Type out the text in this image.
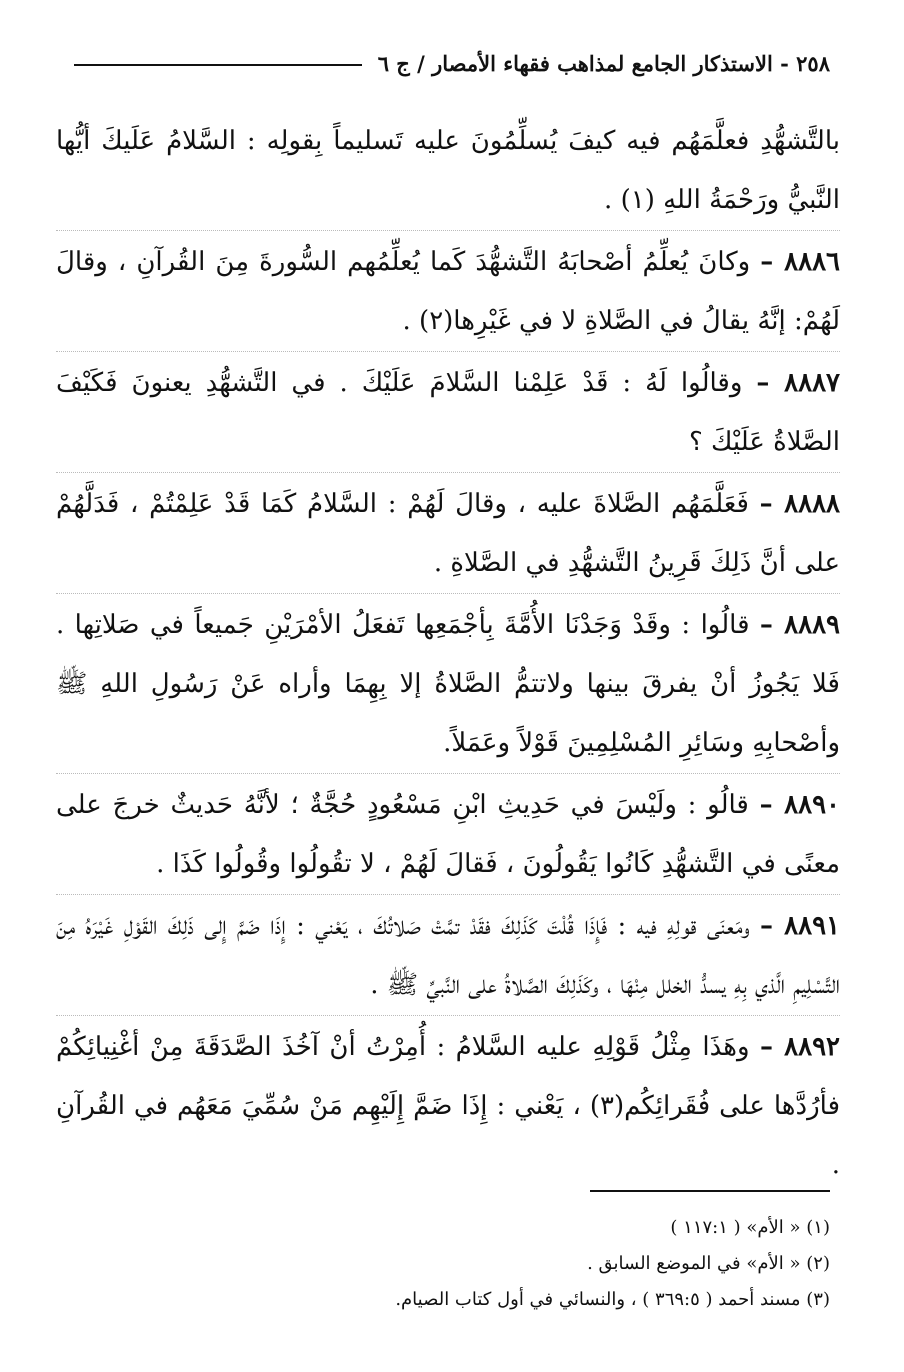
٢٥٨ - الاستذكار الجامع لمذاهب فقهاء الأمصار / ج ٦

بالتَّشهُّدِ فعلَّمَهُم فيه كيفَ يُسلِّمُونَ عليه تَسليماً بِقولِه : السَّلامُ عَلَيكَ أيُّها النَّبيُّ ورَحْمَةُ اللهِ (١) .

٨٨٨٦ – وكانَ يُعلِّمُ أصْحابَهُ التَّشهُّدَ كَما يُعلِّمُهم السُّورةَ مِنَ القُرآنِ ، وقالَ لَهُمْ: إنَّهُ يقالُ في الصَّلاةِ لا في غَيْرِها(٢) .

٨٨٨٧ – وقالُوا لَهُ : قَدْ عَلِمْنا السَّلامَ عَلَيْكَ . في التَّشهُّدِ يعنونَ فَكَيْفَ الصَّلاةُ عَلَيْكَ ؟

٨٨٨٨ – فَعَلَّمَهُم الصَّلاةَ عليه ، وقالَ لَهُمْ : السَّلامُ كَمَا قَدْ عَلِمْتُمْ ، فَدَلَّهُمْ على أنَّ ذَلِكَ قَرِينُ التَّشهُّدِ في الصَّلاةِ .

٨٨٨٩ – قالُوا : وقَدْ وَجَدْنَا الأُمَّةَ بِأجْمَعِها تَفعَلُ الأمْرَيْنِ جَميعاً في صَلاتِها . فَلا يَجُوزُ أنْ يفرقَ بينها ولاتتمُّ الصَّلاةُ إلا بِهِمَا وأراه عَنْ رَسُولِ اللهِ ﷺ وأصْحابِهِ وسَائِرِ المُسْلِمِينَ قَوْلاً وعَمَلاً.

٨٨٩٠ – قالُو : ولَيْسَ في حَدِيثِ ابْنِ مَسْعُودٍ حُجَّةٌ ؛ لأنَّهُ حَديثٌ خرجَ على معنًى في التَّشهُّدِ كَانُوا يَقُولُونَ ، فَقالَ لَهُمْ ، لا تقُولُوا وقُولُوا كَذَا .

٨٨٩١ – ومَعنَى قولِهِ فيه : فَإِذَا قُلْتَ كَذَلِكَ فقَدْ تمَّتْ صَلاتُكَ ، يَعْني : إِذَا ضَمَّ إِلى ذَلِكَ القَوْلِ غَيْرَهُ مِنَ التَّسْلِيمِ الَّذي بِهِ يسدُّ الخلل مِنْهَا ، وكَذَلِكَ الصَّلاةُ على النَّبيِّ ﷺ .

٨٨٩٢ – وهَذَا مِثْلُ قَوْلِهِ عليه السَّلامُ : أُمِرْتُ أنْ آخُذَ الصَّدَقَةَ مِنْ أغْنِيائِكُمْ فأرُدَّها على فُقَرائِكُم(٣) ، يَعْني : إِذَا ضَمَّ إِلَيْهِم مَنْ سُمِّيَ مَعَهُم في القُرآنِ .

(١) « الأم» ( ١١٧:١ )

(٢) « الأم» في الموضع السابق .

(٣) مسند أحمد ( ٣٦٩:٥ ) ، والنسائي في أول كتاب الصيام.
